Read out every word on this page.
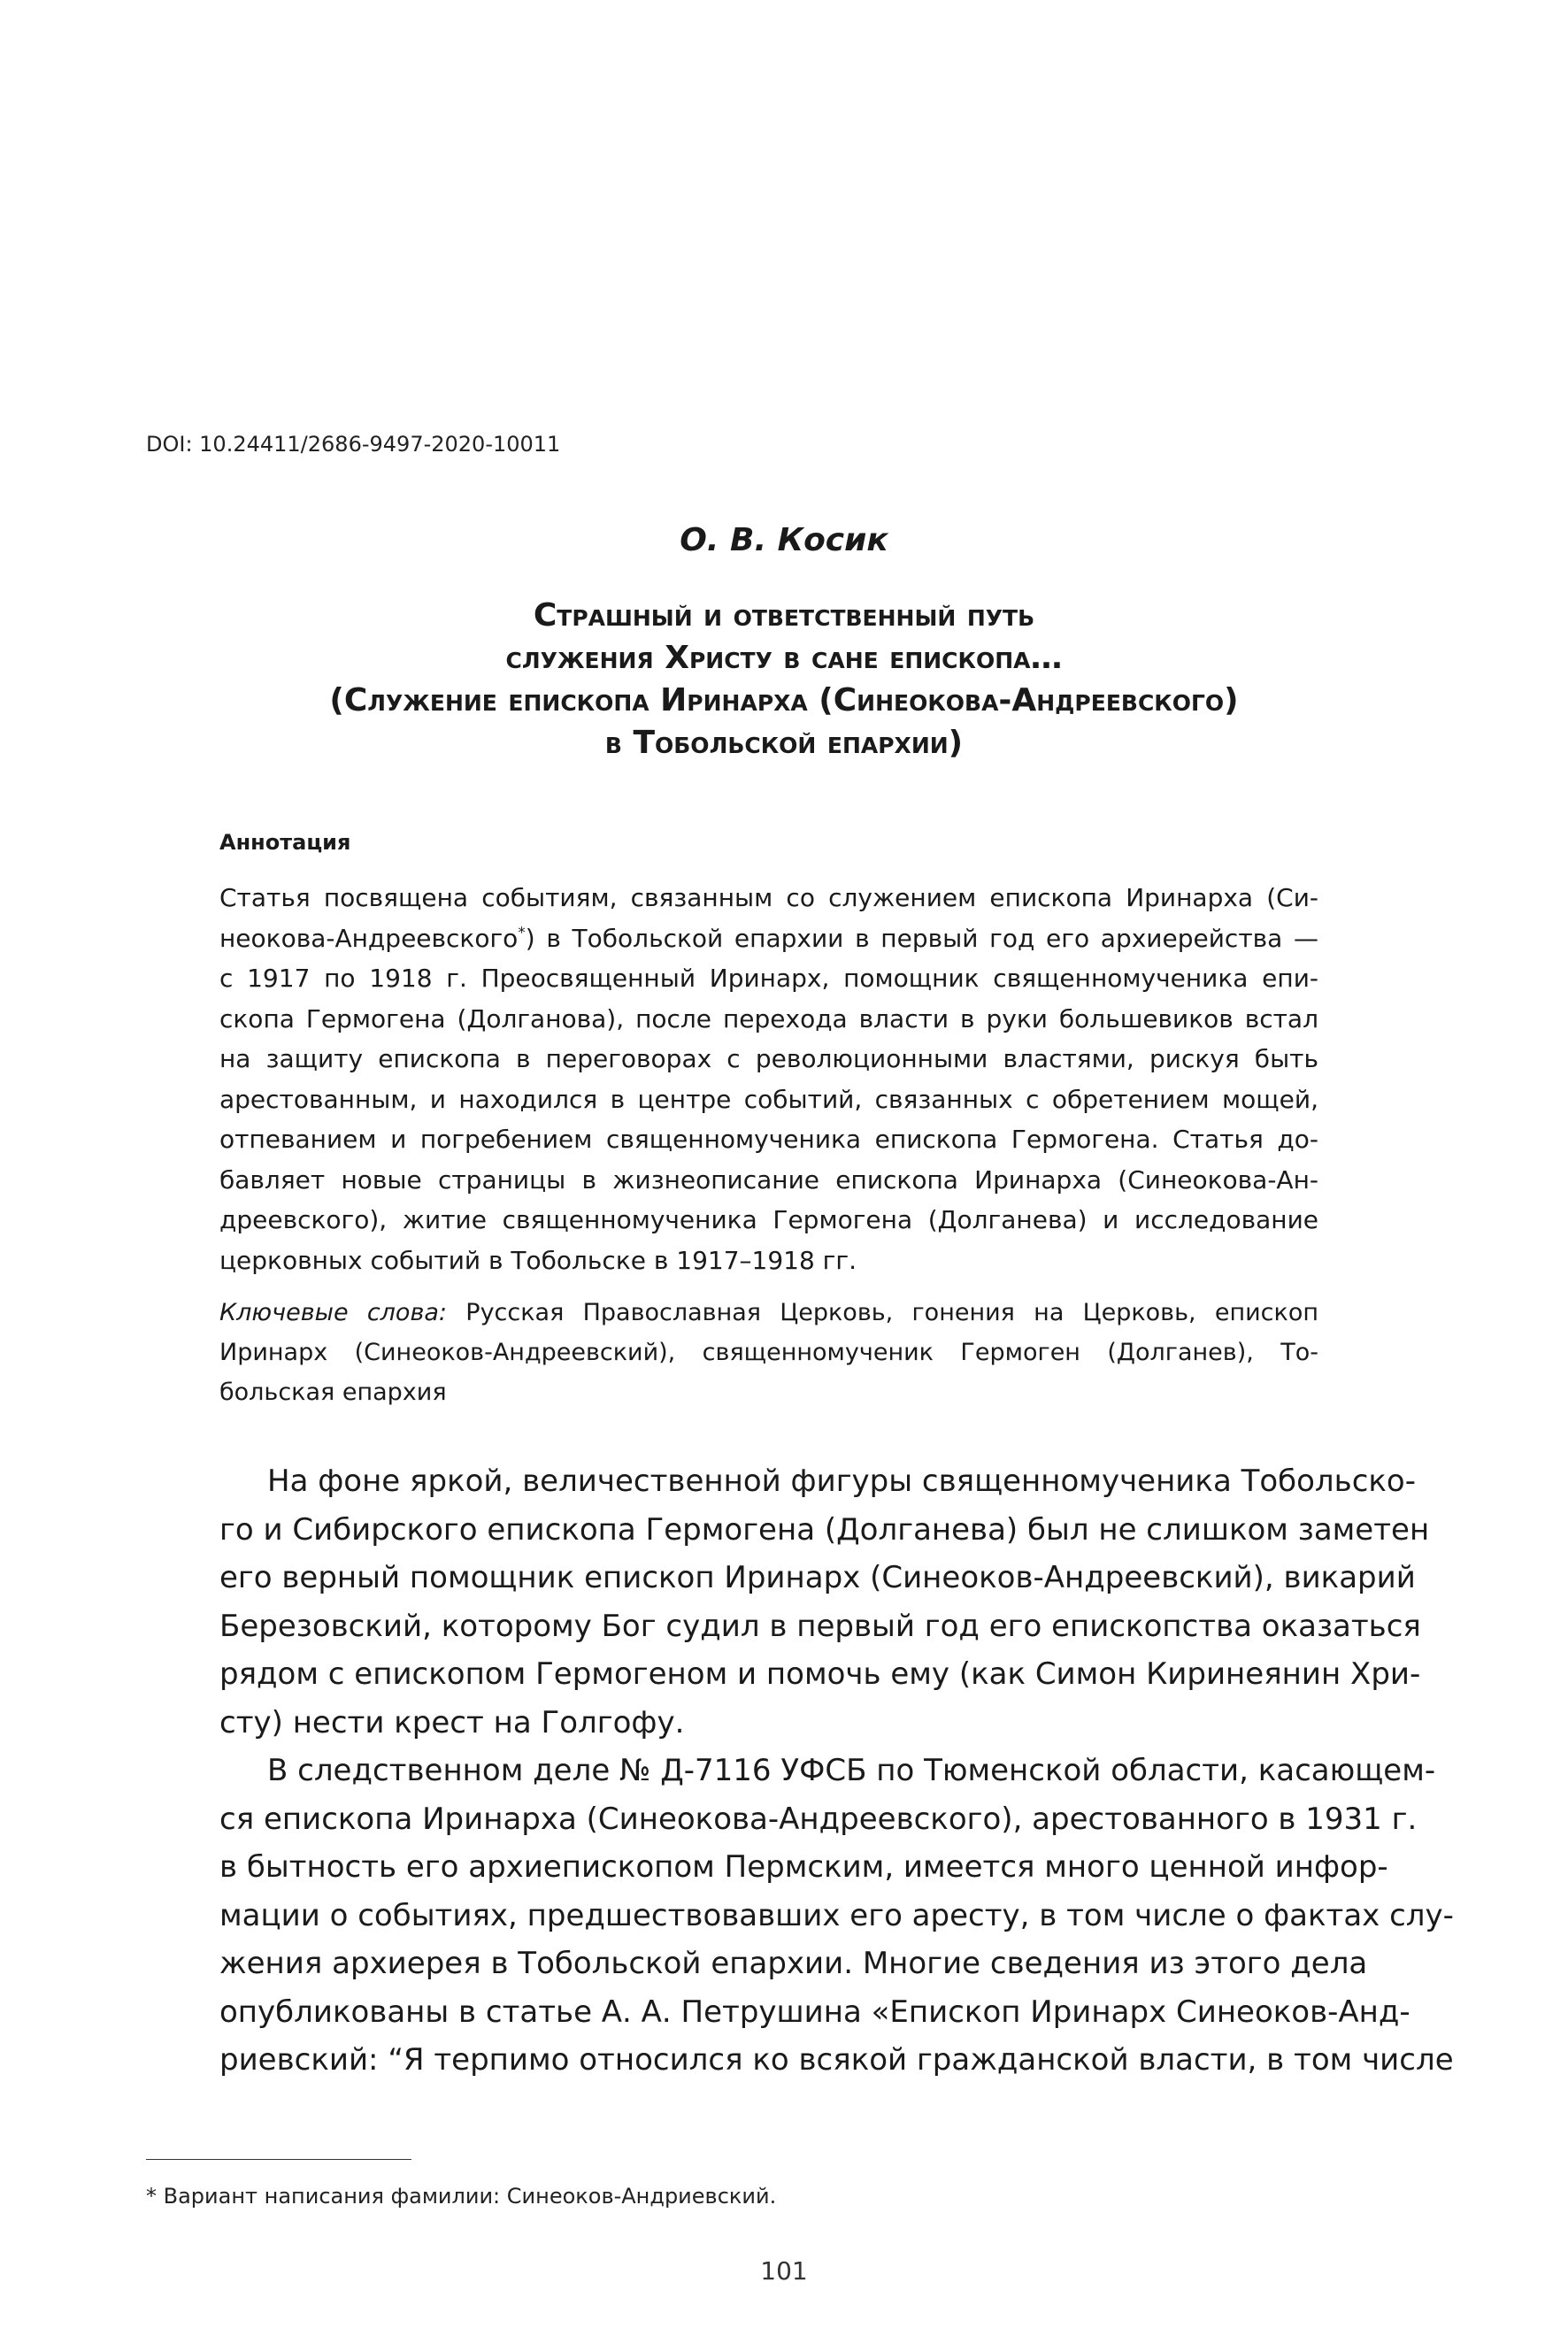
DOI: 10.24411/2686-9497-2020-10011
О. В. Косик
Страшный и ответственный путь
служения Христу в сане епископа…
(Служение епископа Иринарха (Синеокова-Андреевского)
в Тобольской епархии)
Аннотация
Статья посвящена событиям, связанным со служением епископа Иринарха (Си-
неокова-Андреевского*) в Тобольской епархии в первый год его архиерейства —
с 1917 по 1918 г. Преосвященный Иринарх, помощник священномученика епи-
скопа Гермогена (Долганова), после перехода власти в руки большевиков встал
на защиту епископа в переговорах с революционными властями, рискуя быть
арестованным, и находился в центре событий, связанных с обретением мощей,
отпеванием и погребением священномученика епископа Гермогена. Статья до-
бавляет новые страницы в жизнеописание епископа Иринарха (Синеокова-Ан-
дреевского), житие священномученика Гермогена (Долганева) и исследование
церковных событий в Тобольске в 1917–1918 гг.
Ключевые слова: Русская Православная Церковь, гонения на Церковь, епископ
Иринарх (Синеоков-Андреевский), священномученик Гермоген (Долганев), То-
больская епархия
На фоне яркой, величественной фигуры священномученика Тобольско-
го и Сибирского епископа Гермогена (Долганева) был не слишком заметен
его верный помощник епископ Иринарх (Синеоков-Андреевский), викарий
Березовский, которому Бог судил в первый год его епископства оказаться
рядом с епископом Гермогеном и помочь ему (как Симон Киринеянин Хри-
сту) нести крест на Голгофу.
В следственном деле № Д-7116 УФСБ по Тюменской области, касающем-
ся епископа Иринарха (Синеокова-Андреевского), арестованного в 1931 г.
в бытность его архиепископом Пермским, имеется много ценной инфор-
мации о событиях, предшествовавших его аресту, в том числе о фактах слу-
жения архиерея в Тобольской епархии. Многие сведения из этого дела
опубликованы в статье А. А. Петрушина «Епископ Иринарх Синеоков-Анд-
риевский: “Я терпимо относился ко всякой гражданской власти, в том числе
* Вариант написания фамилии: Синеоков-Андриевский.
101
